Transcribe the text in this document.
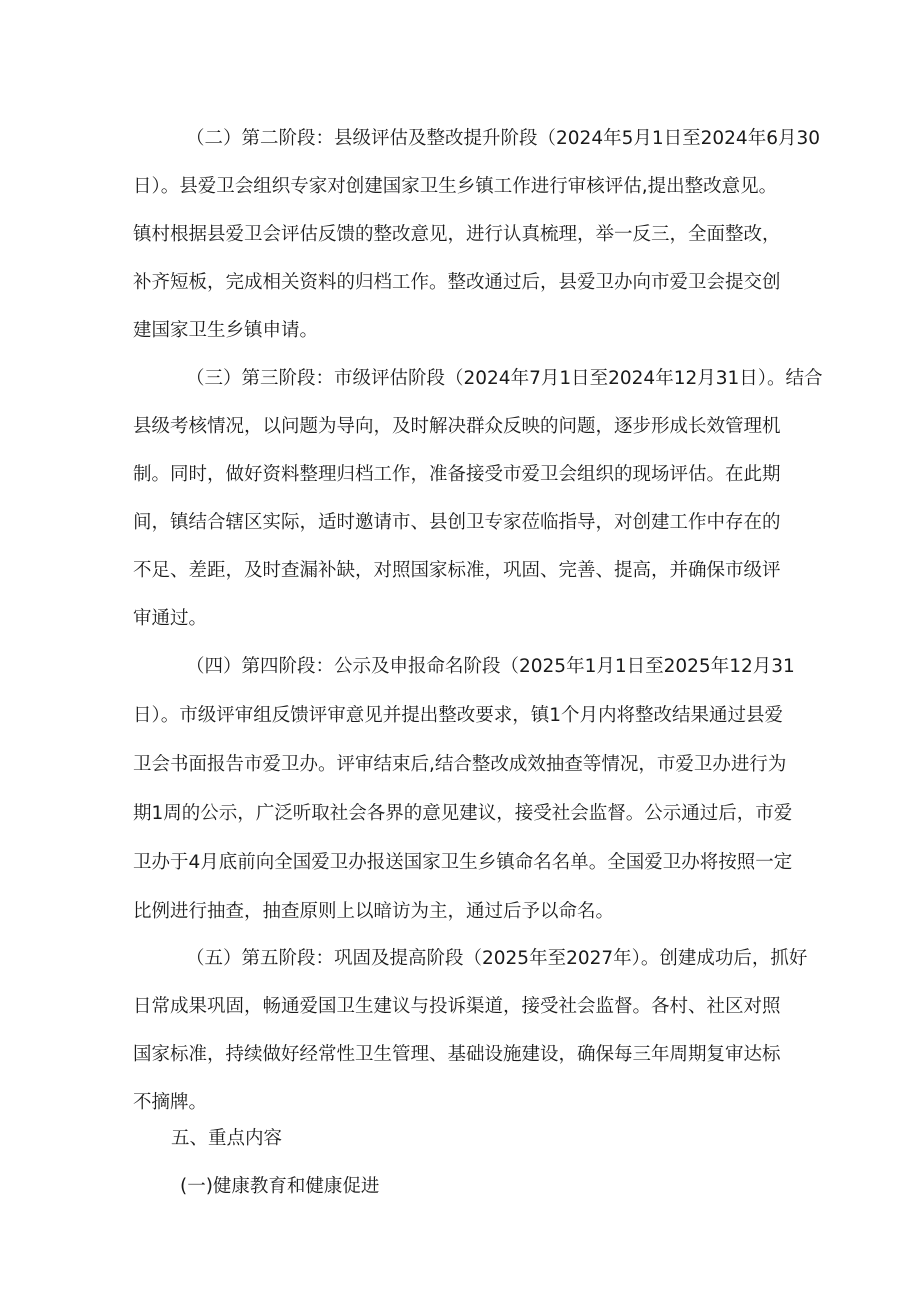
（二）第二阶段：县级评估及整改提升阶段（2024年5月1日至2024年6月30
日）。县爱卫会组织专家对创建国家卫生乡镇工作进行审核评估,提出整改意见。
镇村根据县爱卫会评估反馈的整改意见，进行认真梳理，举一反三，全面整改，
补齐短板，完成相关资料的归档工作。整改通过后，县爱卫办向市爱卫会提交创
建国家卫生乡镇申请。
（三）第三阶段：市级评估阶段（2024年7月1日至2024年12月31日）。结合
县级考核情况，以问题为导向，及时解决群众反映的问题，逐步形成长效管理机
制。同时，做好资料整理归档工作，准备接受市爱卫会组织的现场评估。在此期
间，镇结合辖区实际，适时邀请市、县创卫专家莅临指导，对创建工作中存在的
不足、差距，及时查漏补缺，对照国家标准，巩固、完善、提高，并确保市级评
审通过。
（四）第四阶段：公示及申报命名阶段（2025年1月1日至2025年12月31
日）。市级评审组反馈评审意见并提出整改要求，镇1个月内将整改结果通过县爱
卫会书面报告市爱卫办。评审结束后,结合整改成效抽查等情况，市爱卫办进行为
期1周的公示，广泛听取社会各界的意见建议，接受社会监督。公示通过后，市爱
卫办于4月底前向全国爱卫办报送国家卫生乡镇命名名单。全国爱卫办将按照一定
比例进行抽查，抽查原则上以暗访为主，通过后予以命名。
（五）第五阶段：巩固及提高阶段（2025年至2027年）。创建成功后，抓好
日常成果巩固，畅通爱国卫生建议与投诉渠道，接受社会监督。各村、社区对照
国家标准，持续做好经常性卫生管理、基础设施建设，确保每三年周期复审达标
不摘牌。
五、重点内容
(一)健康教育和健康促进
